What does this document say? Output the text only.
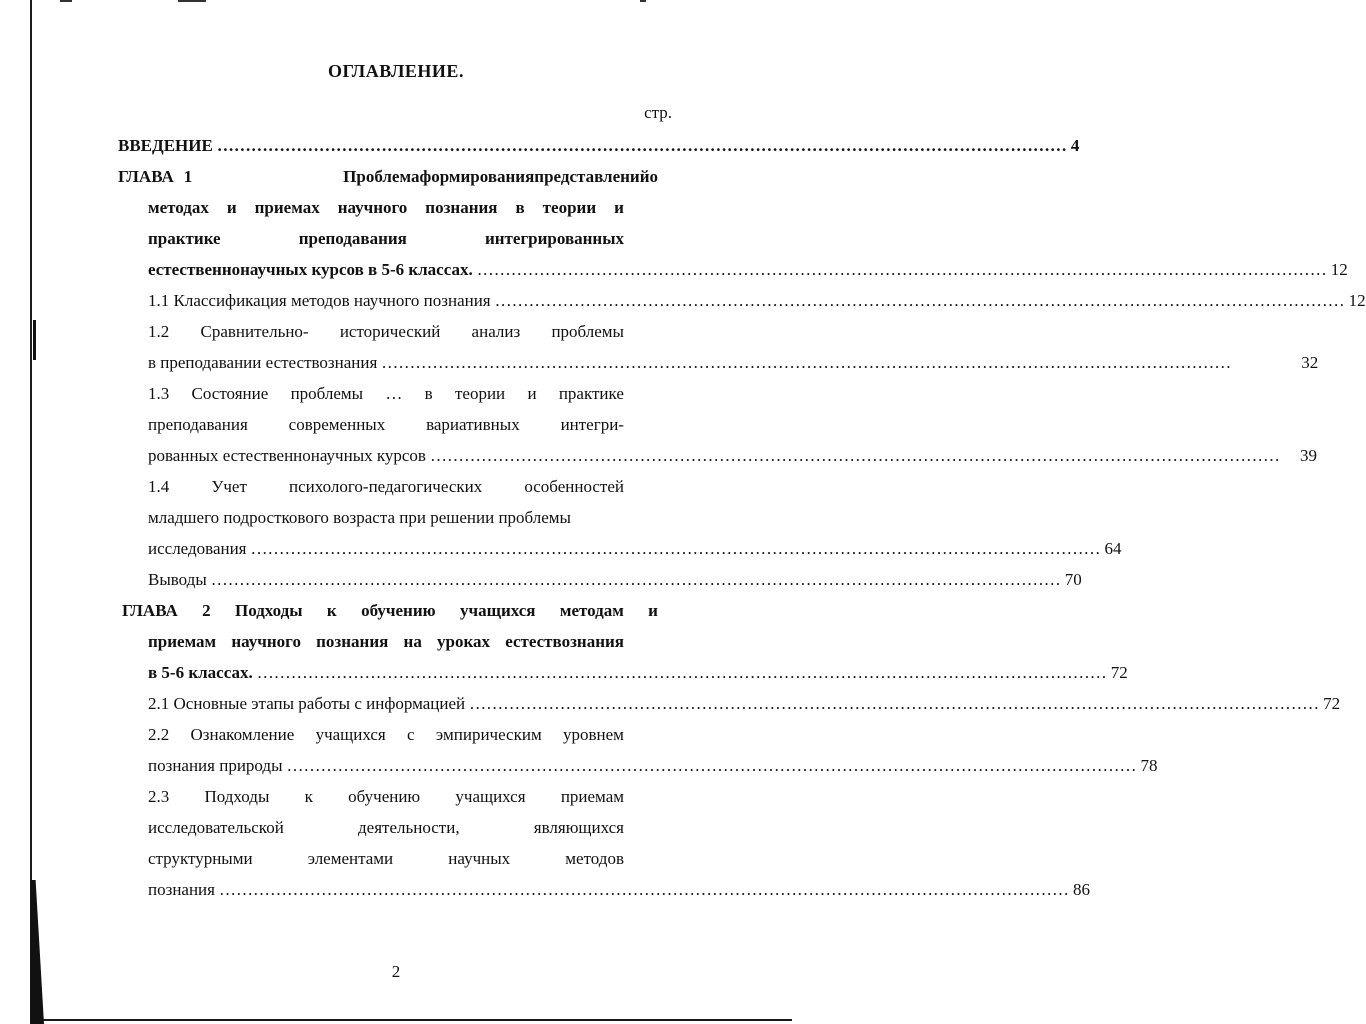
ОГЛАВЛЕНИЕ.
стр.
ВВЕДЕНИЕ …………………………………………………………………………………………………………………………………… 4
ГЛАВА 1	Проблема формирования представлений о
методах и приемах научного познания в теории и
практике	преподавания	интегрированных
естественнонаучных курсов в 5-6 классах. …………………………………………………………………………………………………………………………………… 12
1.1 Классификация методов научного познания …………………………………………………………………………………………………………………………………… 12
1.2 Сравнительно- исторический анализ проблемы
в преподавании естествознания ……………………………………………………………………………………………………………………………………	32
1.3 Состояние проблемы … в теории и практике
преподавания современных вариативных интегри-
рованных естественнонаучных курсов …………………………………………………………………………………………………………………………………… 39
1.4 Учет психолого-педагогических особенностей
младшего подросткового возраста при решении проблемы
исследования …………………………………………………………………………………………………………………………………… 64
Выводы …………………………………………………………………………………………………………………………………… 70
ГЛАВА 2 Подходы к обучению учащихся методам и
приемам научного познания на уроках естествознания
в 5-6 классах. …………………………………………………………………………………………………………………………………… 72
2.1 Основные этапы работы с информацией …………………………………………………………………………………………………………………………………… 72
2.2 Ознакомление учащихся с эмпирическим уровнем
познания природы …………………………………………………………………………………………………………………………………… 78
2.3 Подходы к обучению учащихся приемам
исследовательской	деятельности,	являющихся
структурными	элементами	научных	методов
познания …………………………………………………………………………………………………………………………………… 86
2
